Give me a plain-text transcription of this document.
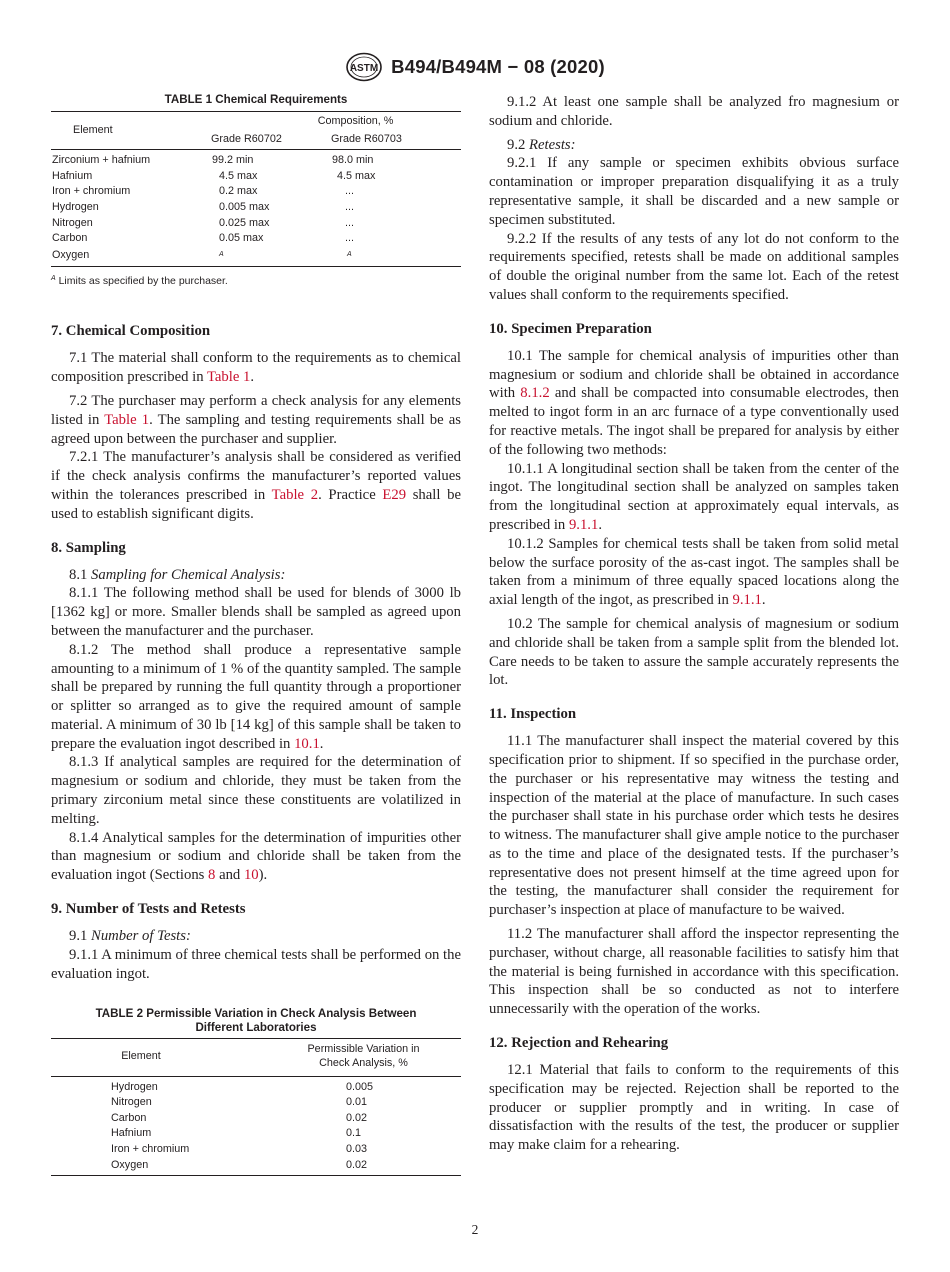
ASTM B494/B494M − 08 (2020)
TABLE 1 Chemical Requirements
Element	Composition, %	
	Grade R60702	Grade R60703
Zirconium + hafnium	99.2 min	98.0 min
Hafnium	4.5 max	4.5 max
Iron + chromium	0.2 max	...
Hydrogen	0.005 max	...
Nitrogen	0.025 max	...
Carbon	0.05 max	...
Oxygen	$^A$	$^A$
$^A$ Limits as specified by the purchaser.
7. Chemical Composition

7.1 The material shall conform to the requirements as to chemical composition prescribed in Table 1.

7.2 The purchaser may perform a check analysis for any elements listed in Table 1. The sampling and testing requirements shall be as agreed upon between the purchaser and supplier.

7.2.1 The manufacturer’s analysis shall be considered as verified if the check analysis confirms the manufacturer’s reported values within the tolerances prescribed in Table 2. Practice E29 shall be used to establish significant digits.

8. Sampling

8.1 Sampling for Chemical Analysis:

8.1.1 The following method shall be used for blends of 3000 lb [1362 kg] or more. Smaller blends shall be sampled as agreed upon between the manufacturer and the purchaser.

8.1.2 The method shall produce a representative sample amounting to a minimum of 1 % of the quantity sampled. The sample shall be prepared by running the full quantity through a proportioner or splitter so arranged as to give the required amount of sample material. A minimum of 30 lb [14 kg] of this sample shall be taken to prepare the evaluation ingot described in 10.1.

8.1.3 If analytical samples are required for the determination of magnesium or sodium and chloride, they must be taken from the primary zirconium metal since these constituents are volatilized in melting.

8.1.4 Analytical samples for the determination of impurities other than magnesium or sodium and chloride shall be taken from the evaluation ingot (Sections 8 and 10).

9. Number of Tests and Retests

9.1 Number of Tests:

9.1.1 A minimum of three chemical tests shall be performed on the evaluation ingot.

TABLE 2 Permissible Variation in Check Analysis Between
Different Laboratories
Element	Permissible Variation in
Check Analysis, %
Hydrogen	0.005
Nitrogen	0.01
Carbon	0.02
Hafnium	0.1
Iron + chromium	0.03
Oxygen	0.02

9.1.2 At least one sample shall be analyzed fro magnesium or sodium and chloride.

9.2 Retests:

9.2.1 If any sample or specimen exhibits obvious surface contamination or improper preparation disqualifying it as a truly representative sample, it shall be discarded and a new sample or specimen substituted.

9.2.2 If the results of any tests of any lot do not conform to the requirements specified, retests shall be made on additional samples of double the original number from the same lot. Each of the retest values shall conform to the requirements specified.

10. Specimen Preparation

10.1 The sample for chemical analysis of impurities other than magnesium or sodium and chloride shall be obtained in accordance with 8.1.2 and shall be compacted into consumable electrodes, then melted to ingot form in an arc furnace of a type conventionally used for reactive metals. The ingot shall be prepared for analysis by either of the following two methods:

10.1.1 A longitudinal section shall be taken from the center of the ingot. The longitudinal section shall be analyzed on samples taken from the longitudinal section at approximately equal intervals, as prescribed in 9.1.1.

10.1.2 Samples for chemical tests shall be taken from solid metal below the surface porosity of the as-cast ingot. The samples shall be taken from a minimum of three equally spaced locations along the axial length of the ingot, as prescribed in 9.1.1.

10.2 The sample for chemical analysis of magnesium or sodium and chloride shall be taken from a sample split from the blended lot. Care needs to be taken to assure the sample accurately represents the lot.

11. Inspection

11.1 The manufacturer shall inspect the material covered by this specification prior to shipment. If so specified in the purchase order, the purchaser or his representative may witness the testing and inspection of the material at the place of manufacture. In such cases the purchaser shall state in his purchase order which tests he desires to witness. The manufacturer shall give ample notice to the purchaser as to the time and place of the designated tests. If the purchaser’s representative does not present himself at the time agreed upon for the testing, the manufacturer shall consider the requirement for purchaser’s inspection at place of manufacture to be waived.

11.2 The manufacturer shall afford the inspector representing the purchaser, without charge, all reasonable facilities to satisfy him that the material is being furnished in accordance with this specification. This inspection shall be so conducted as not to interfere unnecessarily with the operation of the works.

12. Rejection and Rehearing

12.1 Material that fails to conform to the requirements of this specification may be rejected. Rejection shall be reported to the producer or supplier promptly and in writing. In case of dissatisfaction with the results of the test, the producer or supplier may make claim for a rehearing.

2
